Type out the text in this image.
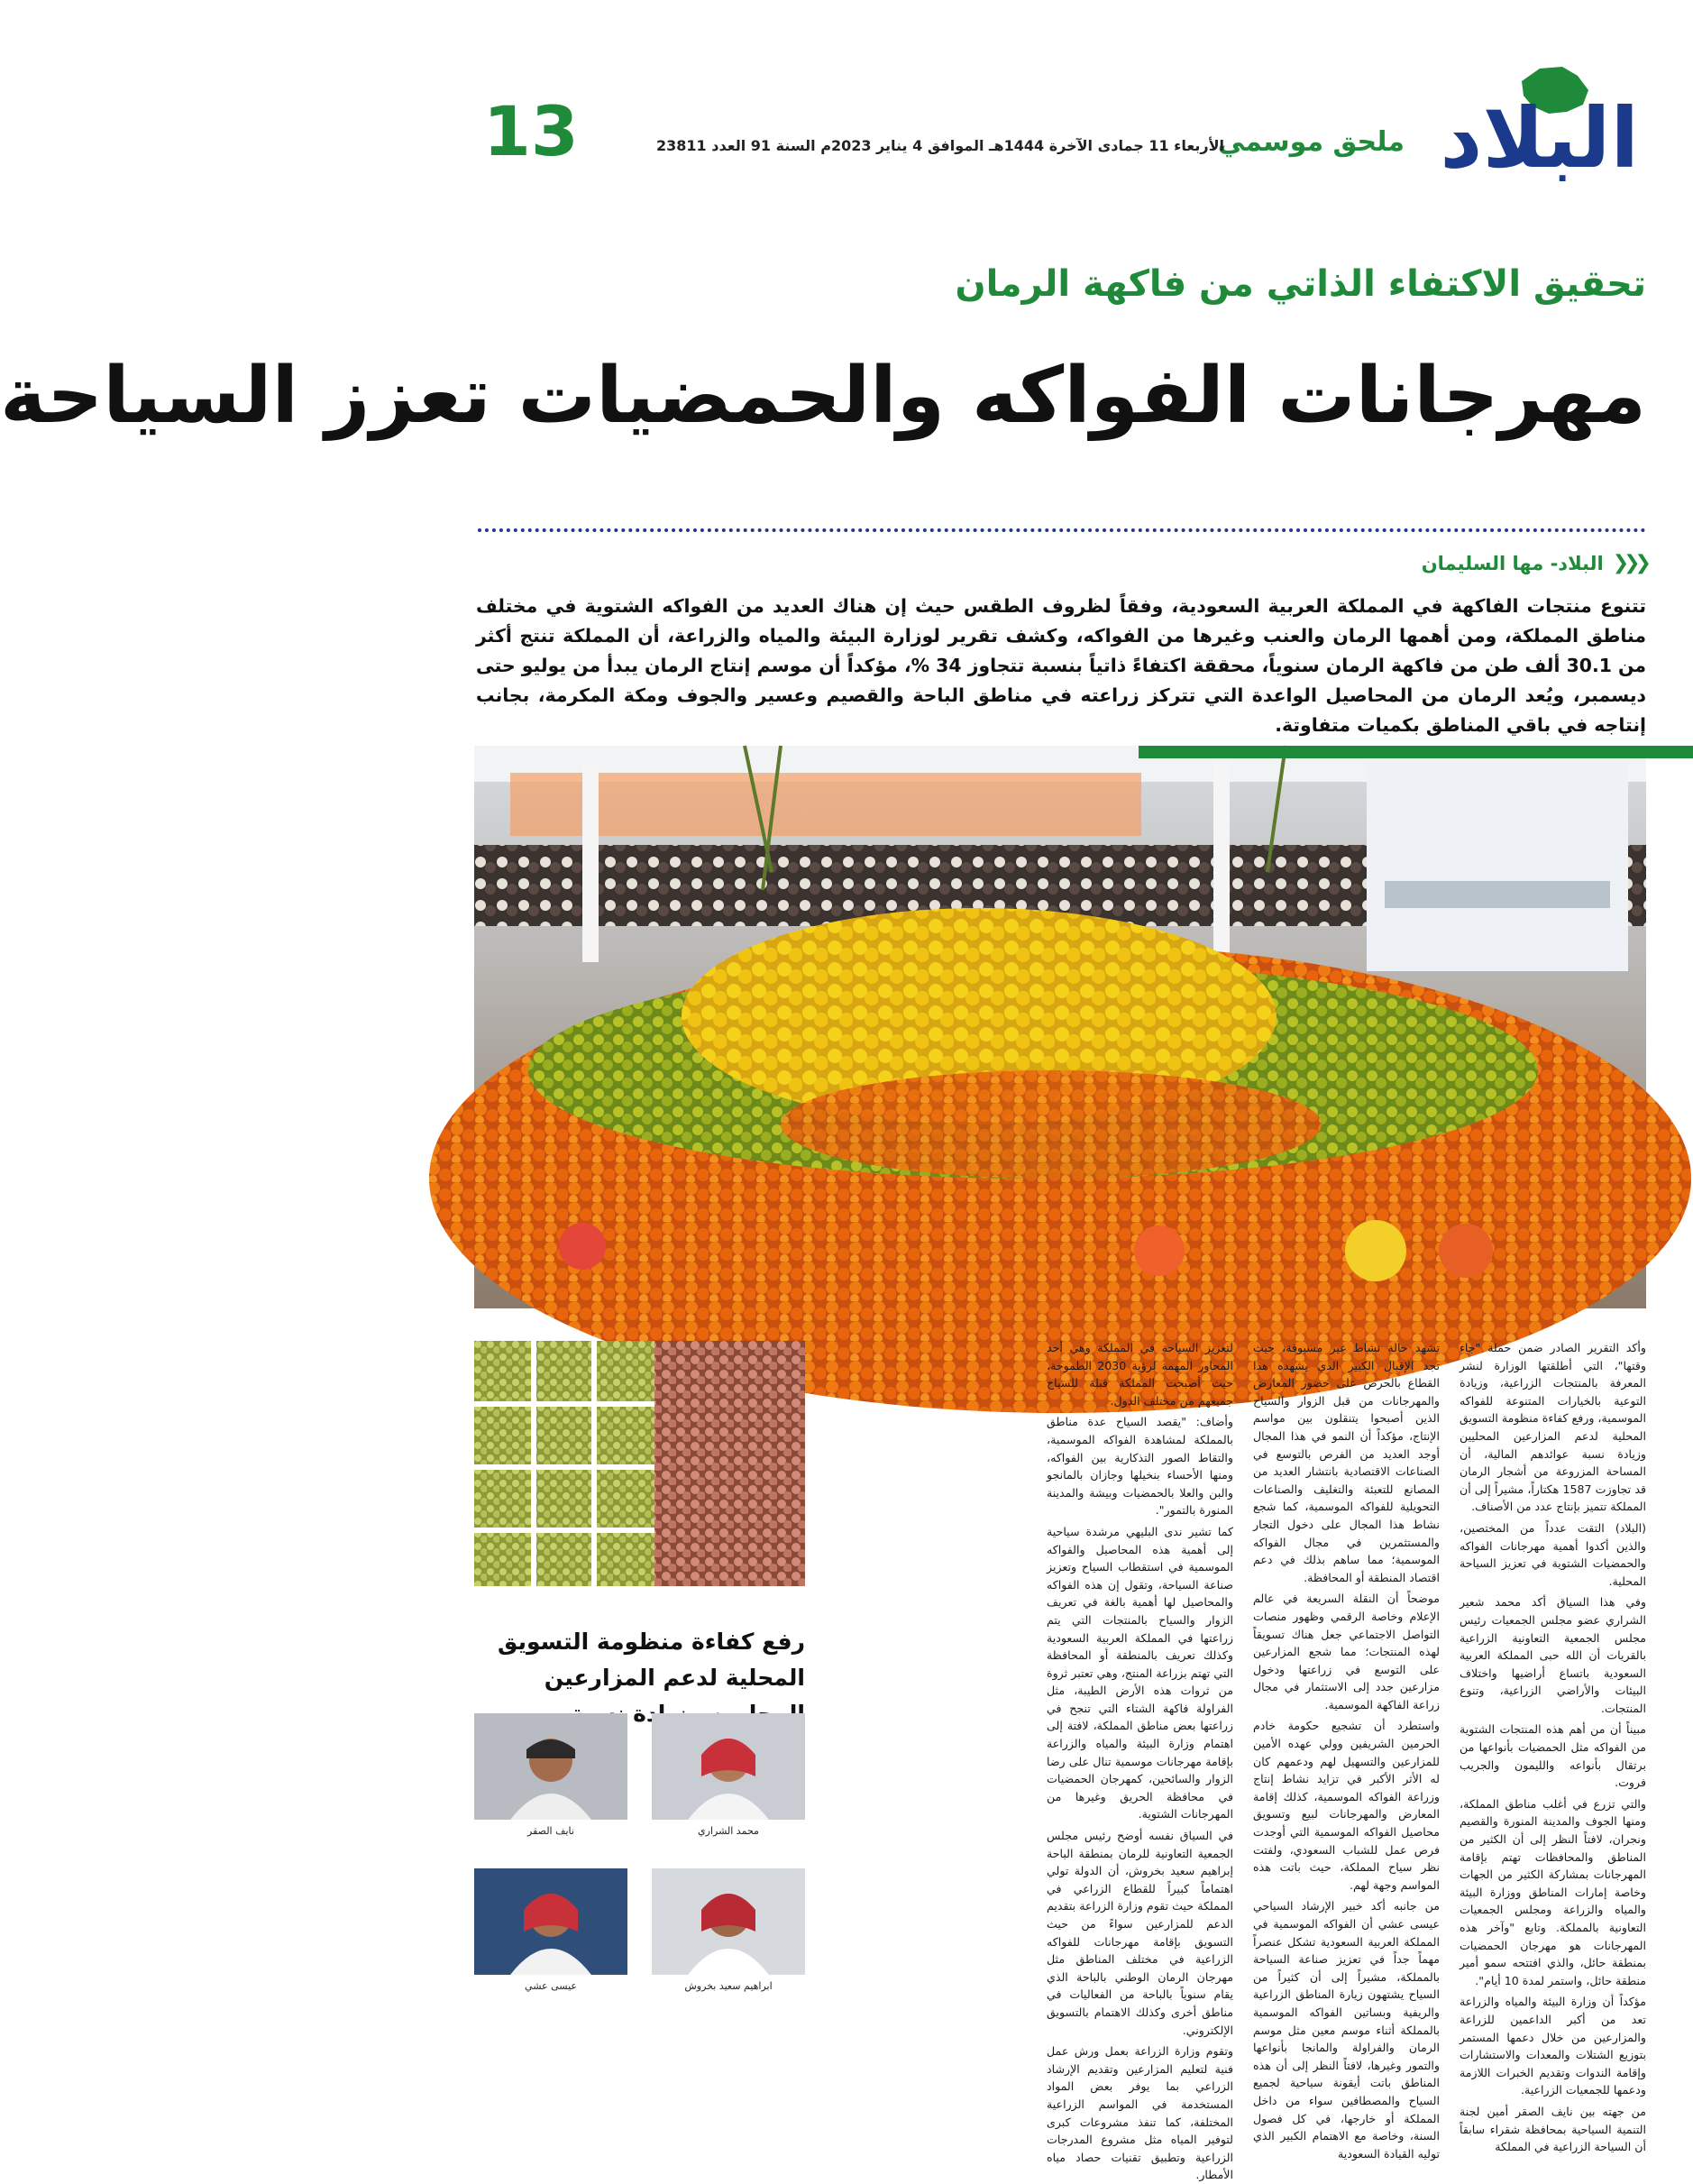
البلاد
ملحق موسمي
الأربعاء 11 جمادى الآخرة 1444هـ الموافق 4 يناير 2023م السنة 91 العدد 23811
13
تحقيق الاكتفاء الذاتي من فاكهة الرمان
مهرجانات الفواكه والحمضيات تعزز السياحة
❮❮❮
البلاد- مها السليمان

تتنوع منتجات الفاكهة في المملكة العربية السعودية، وفقاً لظروف الطقس حيث إن هناك العديد من الفواكه الشتوية في مختلف مناطق المملكة، ومن أهمها الرمان والعنب وغيرها من الفواكه، وكشف تقرير لوزارة البيئة والمياه والزراعة، أن المملكة تنتج أكثر من 30.1 ألف طن من فاكهة الرمان سنوياً، محققة اكتفاءً ذاتياً بنسبة تتجاوز 34 %، مؤكداً أن موسم إنتاج الرمان يبدأ من يوليو حتى ديسمبر، ويُعد الرمان من المحاصيل الواعدة التي تتركز زراعته في مناطق الباحة والقصيم وعسير والجوف ومكة المكرمة، بجانب إنتاجه في باقي المناطق بكميات متفاوتة.

وأكد التقرير الصادر ضمن حملة "جاء وقتها"، التي أطلقتها الوزارة لنشر المعرفة بالمنتجات الزراعية، وزيادة التوعية بالخيارات المتنوعة للفواكه الموسمية، ورفع كفاءة منظومة التسويق المحلية لدعم المزارعين المحليين وزيادة نسبة عوائدهم المالية، أن المساحة المزروعة من أشجار الرمان قد تجاوزت 1587 هكتاراً، مشيراً إلى أن المملكة تتميز بإنتاج عدد من الأصناف.

(البلاد) التقت عدداً من المختصين، والذين أكدوا أهمية مهرجانات الفواكه والحمضيات الشتوية في تعزيز السياحة المحلية.

وفي هذا السياق أكد محمد شعير الشراري عضو مجلس الجمعيات رئيس مجلس الجمعية التعاونية الزراعية بالقريات أن الله حبى المملكة العربية السعودية باتساع أراضيها واختلاف البيئات والأراضي الزراعية، وتنوع المنتجات.

مبيناً أن من أهم هذه المنتجات الشتوية من الفواكه مثل الحمضيات بأنواعها من برتقال بأنواعه والليمون والجريب فروت.

والتي تزرع في أغلب مناطق المملكة، ومنها الجوف والمدينة المنورة والقصيم ونجران، لافتاً النظر إلى أن الكثير من المناطق والمحافظات تهتم بإقامة المهرجانات بمشاركة الكثير من الجهات وخاصة إمارات المناطق ووزارة البيئة والمياه والزراعة ومجلس الجمعيات التعاونية بالمملكة. وتابع "وآخر هذه المهرجانات هو مهرجان الحمضيات بمنطقة حائل، والذي افتتحه سمو أمير منطقة حائل، واستمر لمدة 10 أيام".

مؤكداً أن وزارة البيئة والمياه والزراعة تعد من أكبر الداعمين للزراعة والمزارعين من خلال دعمها المستمر بتوزيع الشتلات والمعدات والاستشارات وإقامة الندوات وتقديم الخبرات اللازمة ودعمها للجمعيات الزراعية.

من جهته بين نايف الصقر أمين لجنة التنمية السياحية بمحافظة شقراء سابقاً أن السياحة الزراعية في المملكة

تشهد حالة نشاط غير مسبوقة، حيث تجد الإقبال الكبير الذي يشهده هذا القطاع بالحرص على حضور المعارض والمهرجانات من قبل الزوار والسياح الذين أصبحوا يتنقلون بين مواسم الإنتاج، مؤكداً أن النمو في هذا المجال أوجد العديد من الفرص بالتوسع في الصناعات الاقتصادية بانتشار العديد من المصانع للتعبئة والتغليف والصناعات التحويلية للفواكه الموسمية، كما شجع نشاط هذا المجال على دخول التجار والمستثمرين في مجال الفواكه الموسمية؛ مما ساهم بذلك في دعم اقتصاد المنطقة أو المحافظة.

موضحاً أن النقلة السريعة في عالم الإعلام وخاصة الرقمي وظهور منصات التواصل الاجتماعي جعل هناك تسويقاً لهذه المنتجات؛ مما شجع المزارعين على التوسع في زراعتها ودخول مزارعين جدد إلى الاستثمار في مجال زراعة الفاكهة الموسمية.

واستطرد أن تشجيع حكومة خادم الحرمين الشريفين وولي عهده الأمين للمزارعين والتسهيل لهم ودعمهم كان له الأثر الأكبر في تزايد نشاط إنتاج وزراعة الفواكه الموسمية، كذلك إقامة المعارض والمهرجانات لبيع وتسويق محاصيل الفواكه الموسمية التي أوجدت فرص عمل للشباب السعودي، ولفتت نظر سياح المملكة، حيث باتت هذه المواسم وجهة لهم.

من جانبه أكد خبير الإرشاد السياحي عيسى عشي أن الفواكه الموسمية في المملكة العربية السعودية تشكل عنصراً مهماً جداً في تعزيز صناعة السياحة بالمملكة، مشيراً إلى أن كثيراً من السياح يشتهون زيارة المناطق الزراعية والريفية وبساتين الفواكه الموسمية بالمملكة أثناء موسم معين مثل موسم الرمان والفراولة والمانجا بأنواعها والتمور وغيرها، لافتاً النظر إلى أن هذه المناطق باتت أيقونة سياحية لجميع السياح والمصطافين سواء من داخل المملكة أو خارجها، في كل فصول السنة، وخاصة مع الاهتمام الكبير الذي توليه القيادة السعودية

لتعزيز السياحة في المملكة وهي أحد المحاور المهمة لرؤية 2030 الطموحة، حيث أصبحت المملكة قبلة للسياح جميعهم من مختلف الدول.

وأضاف: "يقصد السياح عدة مناطق بالمملكة لمشاهدة الفواكه الموسمية، والتقاط الصور التذكارية بين الفواكه، ومنها الأحساء بنخيلها وجازان بالمانجو والبن والعلا بالحمضيات وبيشة والمدينة المنورة بالتمور".

كما تشير ندى البليهي مرشدة سياحية إلى أهمية هذه المحاصيل والفواكه الموسمية في استقطاب السياح وتعزيز صناعة السياحة، وتقول إن هذه الفواكه والمحاصيل لها أهمية بالغة في تعريف الزوار والسياح بالمنتجات التي يتم زراعتها في المملكة العربية السعودية وكذلك تعريف بالمنطقة أو المحافظة التي تهتم بزراعة المنتج، وهي تعتبر ثروة من ثروات هذه الأرض الطيبة، مثل الفراولة فاكهة الشتاء التي تنجح في زراعتها بعض مناطق المملكة، لافتة إلى اهتمام وزارة البيئة والمياه والزراعة بإقامة مهرجانات موسمية تنال على رضا الزوار والسائحين، كمهرجان الحمضيات في محافظة الحريق وغيرها من المهرجانات الشتوية.

في السياق نفسه أوضح رئيس مجلس الجمعية التعاونية للرمان بمنطقة الباحة إبراهيم سعيد بخروش، أن الدولة تولي اهتماماً كبيراً للقطاع الزراعي في المملكة حيث تقوم وزارة الزراعة بتقديم الدعم للمزارعين سواءً من حيث التسويق بإقامة مهرجانات للفواكه الزراعية في مختلف المناطق مثل مهرجان الرمان الوطني بالباحة الذي يقام سنوياً بالباحة من الفعاليات في مناطق أخرى وكذلك الاهتمام بالتسويق الإلكتروني.

وتقوم وزارة الزراعة بعمل ورش عمل فنية لتعليم المزارعين وتقديم الإرشاد الزراعي بما يوفر بعض المواد المستخدمة في المواسم الزراعية المختلفة، كما تنفذ مشروعات كبرى لتوفير المياه مثل مشروع المدرجات الزراعية وتطبيق تقنيات حصاد مياه الأمطار.

رفع كفاءة منظومة التسويق المحلية لدعم المزارعين
محمد الشراري
نايف الصقر
ابراهيم سعيد بخروش
عيسى عشي
